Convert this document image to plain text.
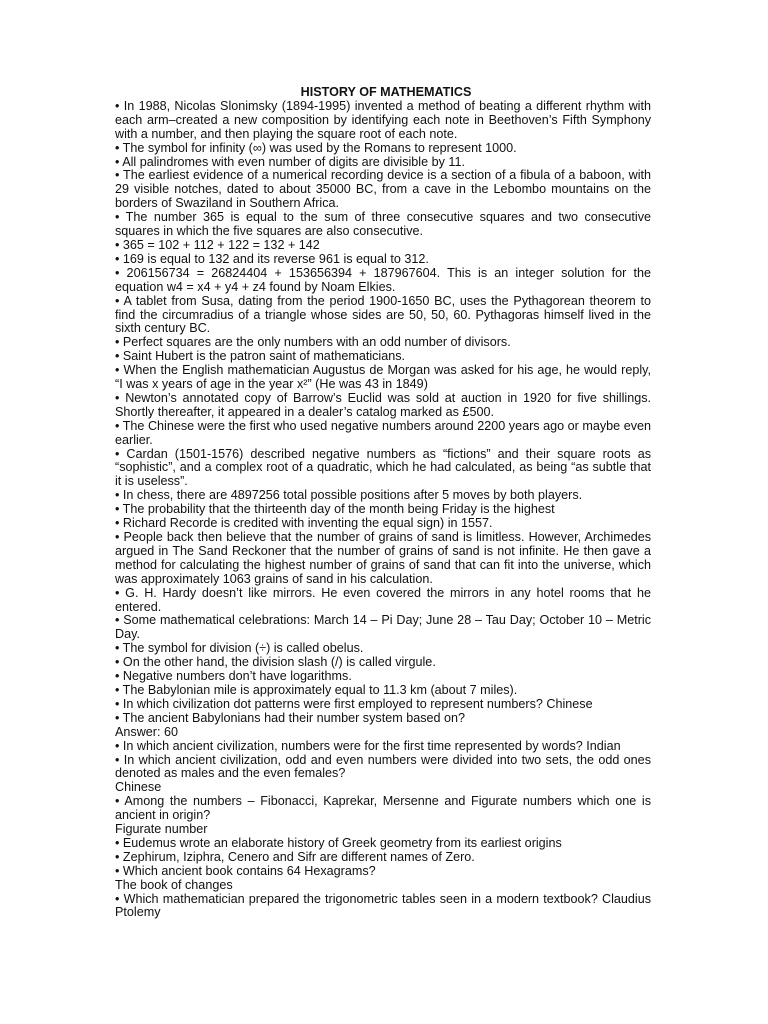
HISTORY OF MATHEMATICS

• In 1988, Nicolas Slonimsky (1894-1995) invented a method of beating a different rhythm with each arm–created a new composition by identifying each note in Beethoven’s Fifth Symphony with a number, and then playing the square root of each note.

• The symbol for infinity (∞) was used by the Romans to represent 1000.

• All palindromes with even number of digits are divisible by 11.

• The earliest evidence of a numerical recording device is a section of a fibula of a baboon, with 29 visible notches, dated to about 35000 BC, from a cave in the Lebombo mountains on the borders of Swaziland in Southern Africa.

• The number 365 is equal to the sum of three consecutive squares and two consecutive squares in which the five squares are also consecutive.

• 365 = 102 + 112 + 122 = 132 + 142

• 169 is equal to 132 and its reverse 961 is equal to 312.

• 206156734 = 26824404 + 153656394 + 187967604. This is an integer solution for the equation w4 = x4 + y4 + z4 found by Noam Elkies.

• A tablet from Susa, dating from the period 1900-1650 BC, uses the Pythagorean theorem to find the circumradius of a triangle whose sides are 50, 50, 60. Pythagoras himself lived in the sixth century BC.

• Perfect squares are the only numbers with an odd number of divisors.

• Saint Hubert is the patron saint of mathematicians.

• When the English mathematician Augustus de Morgan was asked for his age, he would reply, “I was x years of age in the year x²” (He was 43 in 1849)

• Newton’s annotated copy of Barrow’s Euclid was sold at auction in 1920 for five shillings. Shortly thereafter, it appeared in a dealer’s catalog marked as £500.

• The Chinese were the first who used negative numbers around 2200 years ago or maybe even earlier.

• Cardan (1501-1576) described negative numbers as “fictions” and their square roots as “sophistic”, and a complex root of a quadratic, which he had calculated, as being “as subtle that it is useless”.

• In chess, there are 4897256 total possible positions after 5 moves by both players.

• The probability that the thirteenth day of the month being Friday is the highest

• Richard Recorde is credited with inventing the equal sign) in 1557.

• People back then believe that the number of grains of sand is limitless. However, Archimedes argued in The Sand Reckoner that the number of grains of sand is not infinite. He then gave a method for calculating the highest number of grains of sand that can fit into the universe, which was approximately 1063 grains of sand in his calculation.

• G. H. Hardy doesn’t like mirrors. He even covered the mirrors in any hotel rooms that he entered.

• Some mathematical celebrations: March 14 – Pi Day; June 28 – Tau Day; October 10 – Metric Day.

• The symbol for division (÷) is called obelus.

• On the other hand, the division slash (/) is called virgule.

• Negative numbers don’t have logarithms.

• The Babylonian mile is approximately equal to 11.3 km (about 7 miles).

• In which civilization dot patterns were first employed to represent numbers? Chinese

• The ancient Babylonians had their number system based on?

Answer: 60

• In which ancient civilization, numbers were for the first time represented by words? Indian

• In which ancient civilization, odd and even numbers were divided into two sets, the odd ones denoted as males and the even females?

Chinese

• Among the numbers – Fibonacci, Kaprekar, Mersenne and Figurate numbers which one is ancient in origin?

Figurate number

• Eudemus wrote an elaborate history of Greek geometry from its earliest origins

• Zephirum, Iziphra, Cenero and Sifr are different names of Zero.

• Which ancient book contains 64 Hexagrams?

The book of changes

• Which mathematician prepared the trigonometric tables seen in a modern textbook? Claudius Ptolemy
